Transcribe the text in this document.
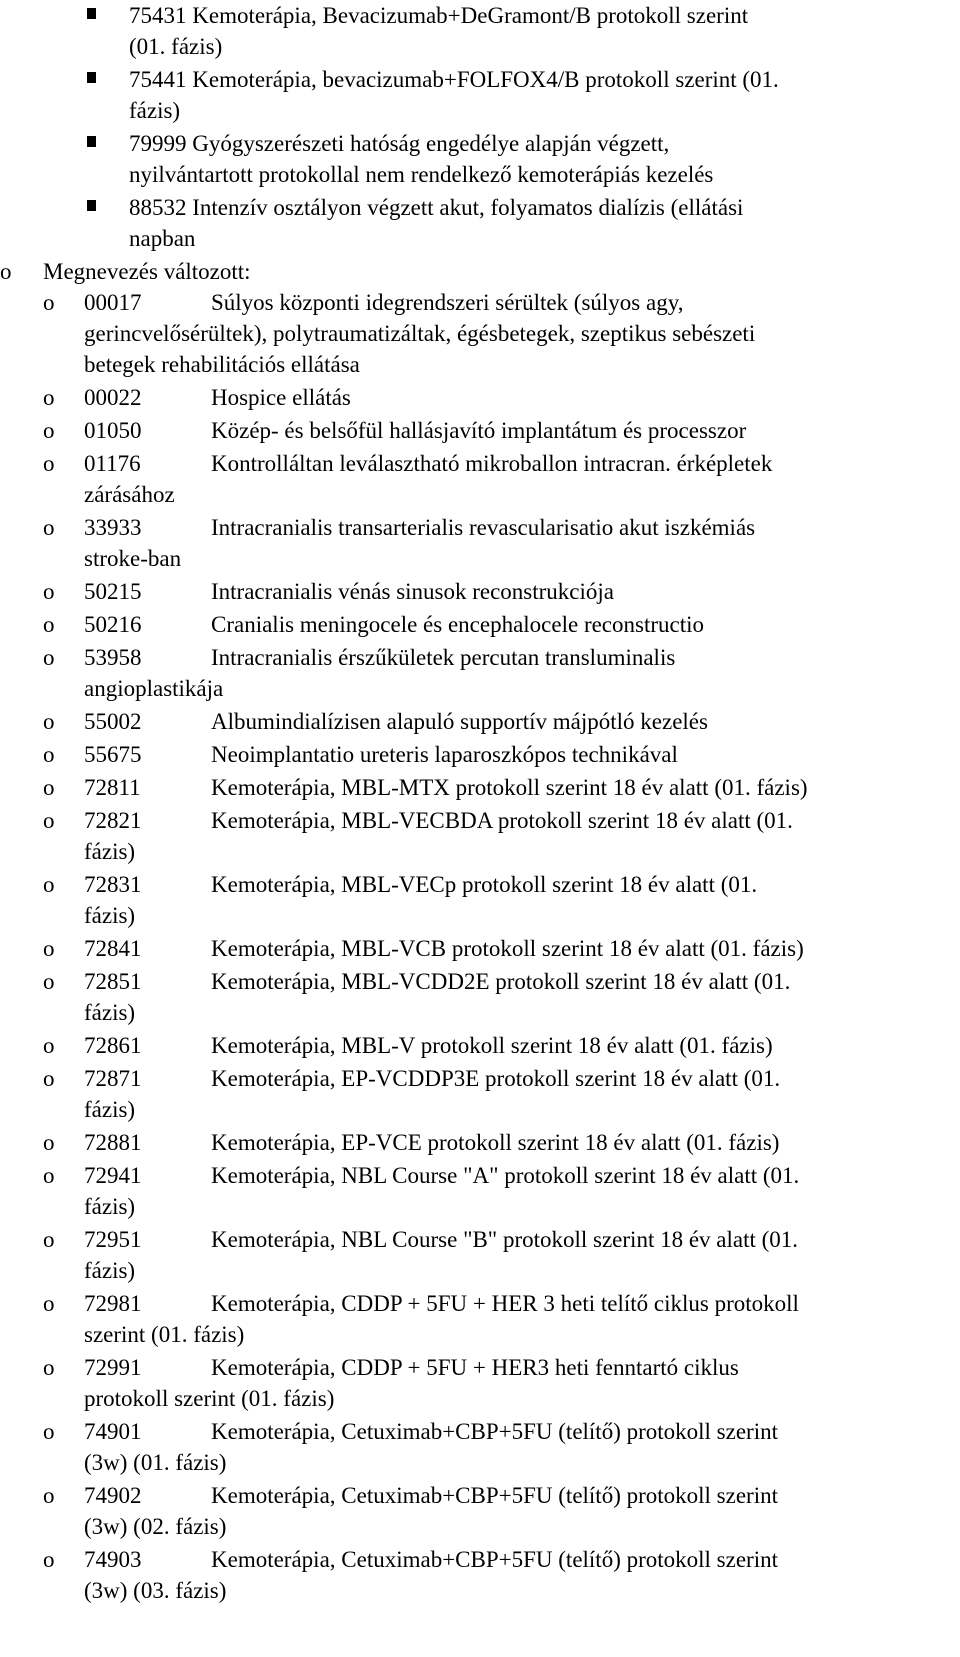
75431 Kemoterápia, Bevacizumab+DeGramont/B protokoll szerint
(01. fázis)
75441 Kemoterápia, bevacizumab+FOLFOX4/B protokoll szerint (01.
fázis)
79999 Gyógyszerészeti hatóság engedélye alapján végzett,
nyilvántartott protokollal nem rendelkező kemoterápiás kezelés
88532 Intenzív osztályon végzett akut, folyamatos dialízis (ellátási
napban
o Megnevezés változott:
o 00017	Súlyos központi idegrendszeri sérültek (súlyos agy,
gerincvelősérültek), polytraumatizáltak, égésbetegek, szeptikus sebészeti
betegek rehabilitációs ellátása
o 00022	Hospice ellátás
o 01050	Közép- és belsőfül hallásjavító implantátum és processzor
o 01176	Kontrolláltan leválasztható mikroballon intracran. érképletek
zárásához
o 33933	Intracranialis transarterialis revascularisatio akut iszkémiás
stroke-ban
o 50215	Intracranialis vénás sinusok reconstrukciója
o 50216	Cranialis meningocele és encephalocele reconstructio
o 53958	Intracranialis érszűkületek percutan transluminalis
angioplastikája
o 55002	Albumindialízisen alapuló supportív májpótló kezelés
o 55675	Neoimplantatio ureteris laparoszkópos technikával
o 72811	Kemoterápia, MBL-MTX protokoll szerint 18 év alatt (01. fázis)
o 72821	Kemoterápia, MBL-VECBDA protokoll szerint 18 év alatt (01.
fázis)
o 72831	Kemoterápia, MBL-VECp protokoll szerint 18 év alatt (01.
fázis)
o 72841	Kemoterápia, MBL-VCB protokoll szerint 18 év alatt (01. fázis)
o 72851	Kemoterápia, MBL-VCDD2E protokoll szerint 18 év alatt (01.
fázis)
o 72861	Kemoterápia, MBL-V protokoll szerint 18 év alatt (01. fázis)
o 72871	Kemoterápia, EP-VCDDP3E protokoll szerint 18 év alatt (01.
fázis)
o 72881	Kemoterápia, EP-VCE protokoll szerint 18 év alatt (01. fázis)
o 72941	Kemoterápia, NBL Course "A" protokoll szerint 18 év alatt (01.
fázis)
o 72951	Kemoterápia, NBL Course "B" protokoll szerint 18 év alatt (01.
fázis)
o 72981	Kemoterápia, CDDP + 5FU + HER 3 heti telítő ciklus protokoll
szerint (01. fázis)
o 72991	Kemoterápia, CDDP + 5FU + HER3 heti fenntartó ciklus
protokoll szerint (01. fázis)
o 74901	Kemoterápia, Cetuximab+CBP+5FU (telítő) protokoll szerint
(3w) (01. fázis)
o 74902	Kemoterápia, Cetuximab+CBP+5FU (telítő) protokoll szerint
(3w) (02. fázis)
o 74903	Kemoterápia, Cetuximab+CBP+5FU (telítő) protokoll szerint
(3w) (03. fázis)
